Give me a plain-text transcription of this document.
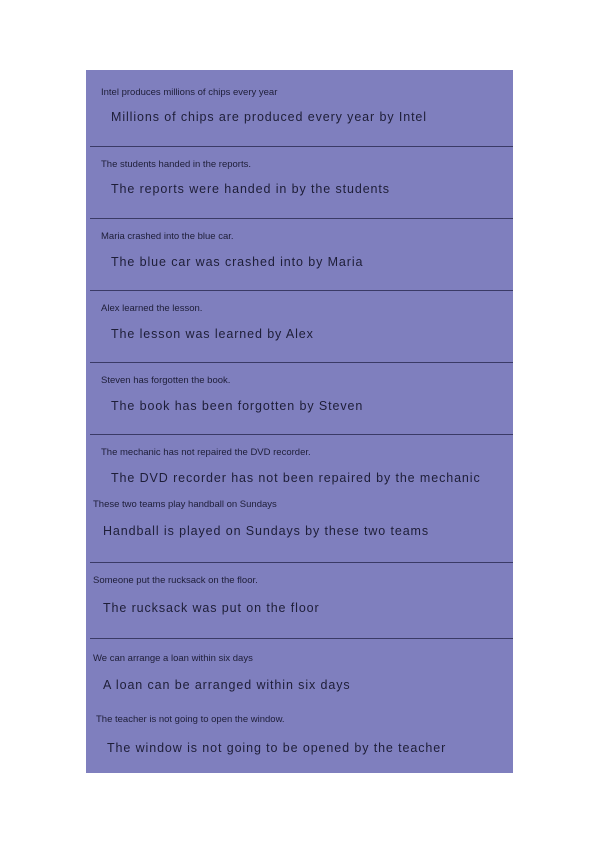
Intel produces millions of chips every year
Millions of chips are produced every year by Intel
The students handed in the reports.
The reports were handed in by the students
Maria crashed into the blue car.
The blue car was crashed into by Maria
Alex learned the lesson.
The lesson was learned by Alex
Steven has forgotten the book.
The book has been forgotten by Steven
The mechanic has not repaired the DVD recorder.
The DVD recorder has not been repaired by the mechanic
These two teams play handball on Sundays
Handball is played on Sundays by these two teams
Someone put the rucksack on the floor.
The rucksack was put on the floor
We can arrange a loan within six days
A loan can be arranged within six days
The teacher is not going to open the window.
The window is not going to be opened by the teacher
